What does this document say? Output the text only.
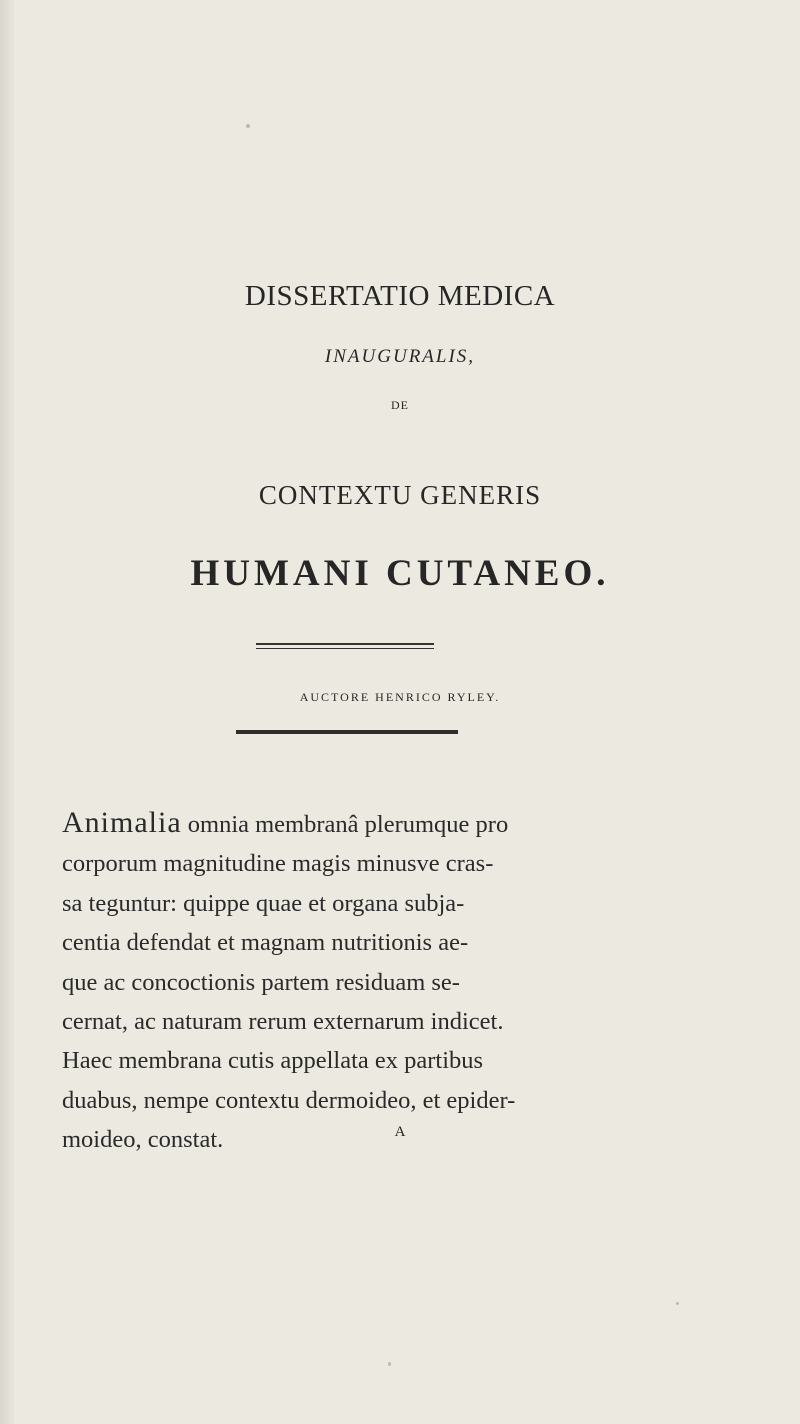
DISSERTATIO MEDICA
INAUGURALIS,
DE
CONTEXTU GENERIS
HUMANI CUTANEO.
AUCTORE HENRICO RYLEY.

Animalia omnia membranâ plerumque pro
corporum magnitudine magis minusve cras-
sa teguntur: quippe quae et organa subja-
centia defendat et magnam nutritionis ae-
que ac concoctionis partem residuam se-
cernat, ac naturam rerum externarum indicet.
Haec membrana cutis appellata ex partibus
duabus, nempe contextu dermoideo, et epider-
moideo, constat.	A
